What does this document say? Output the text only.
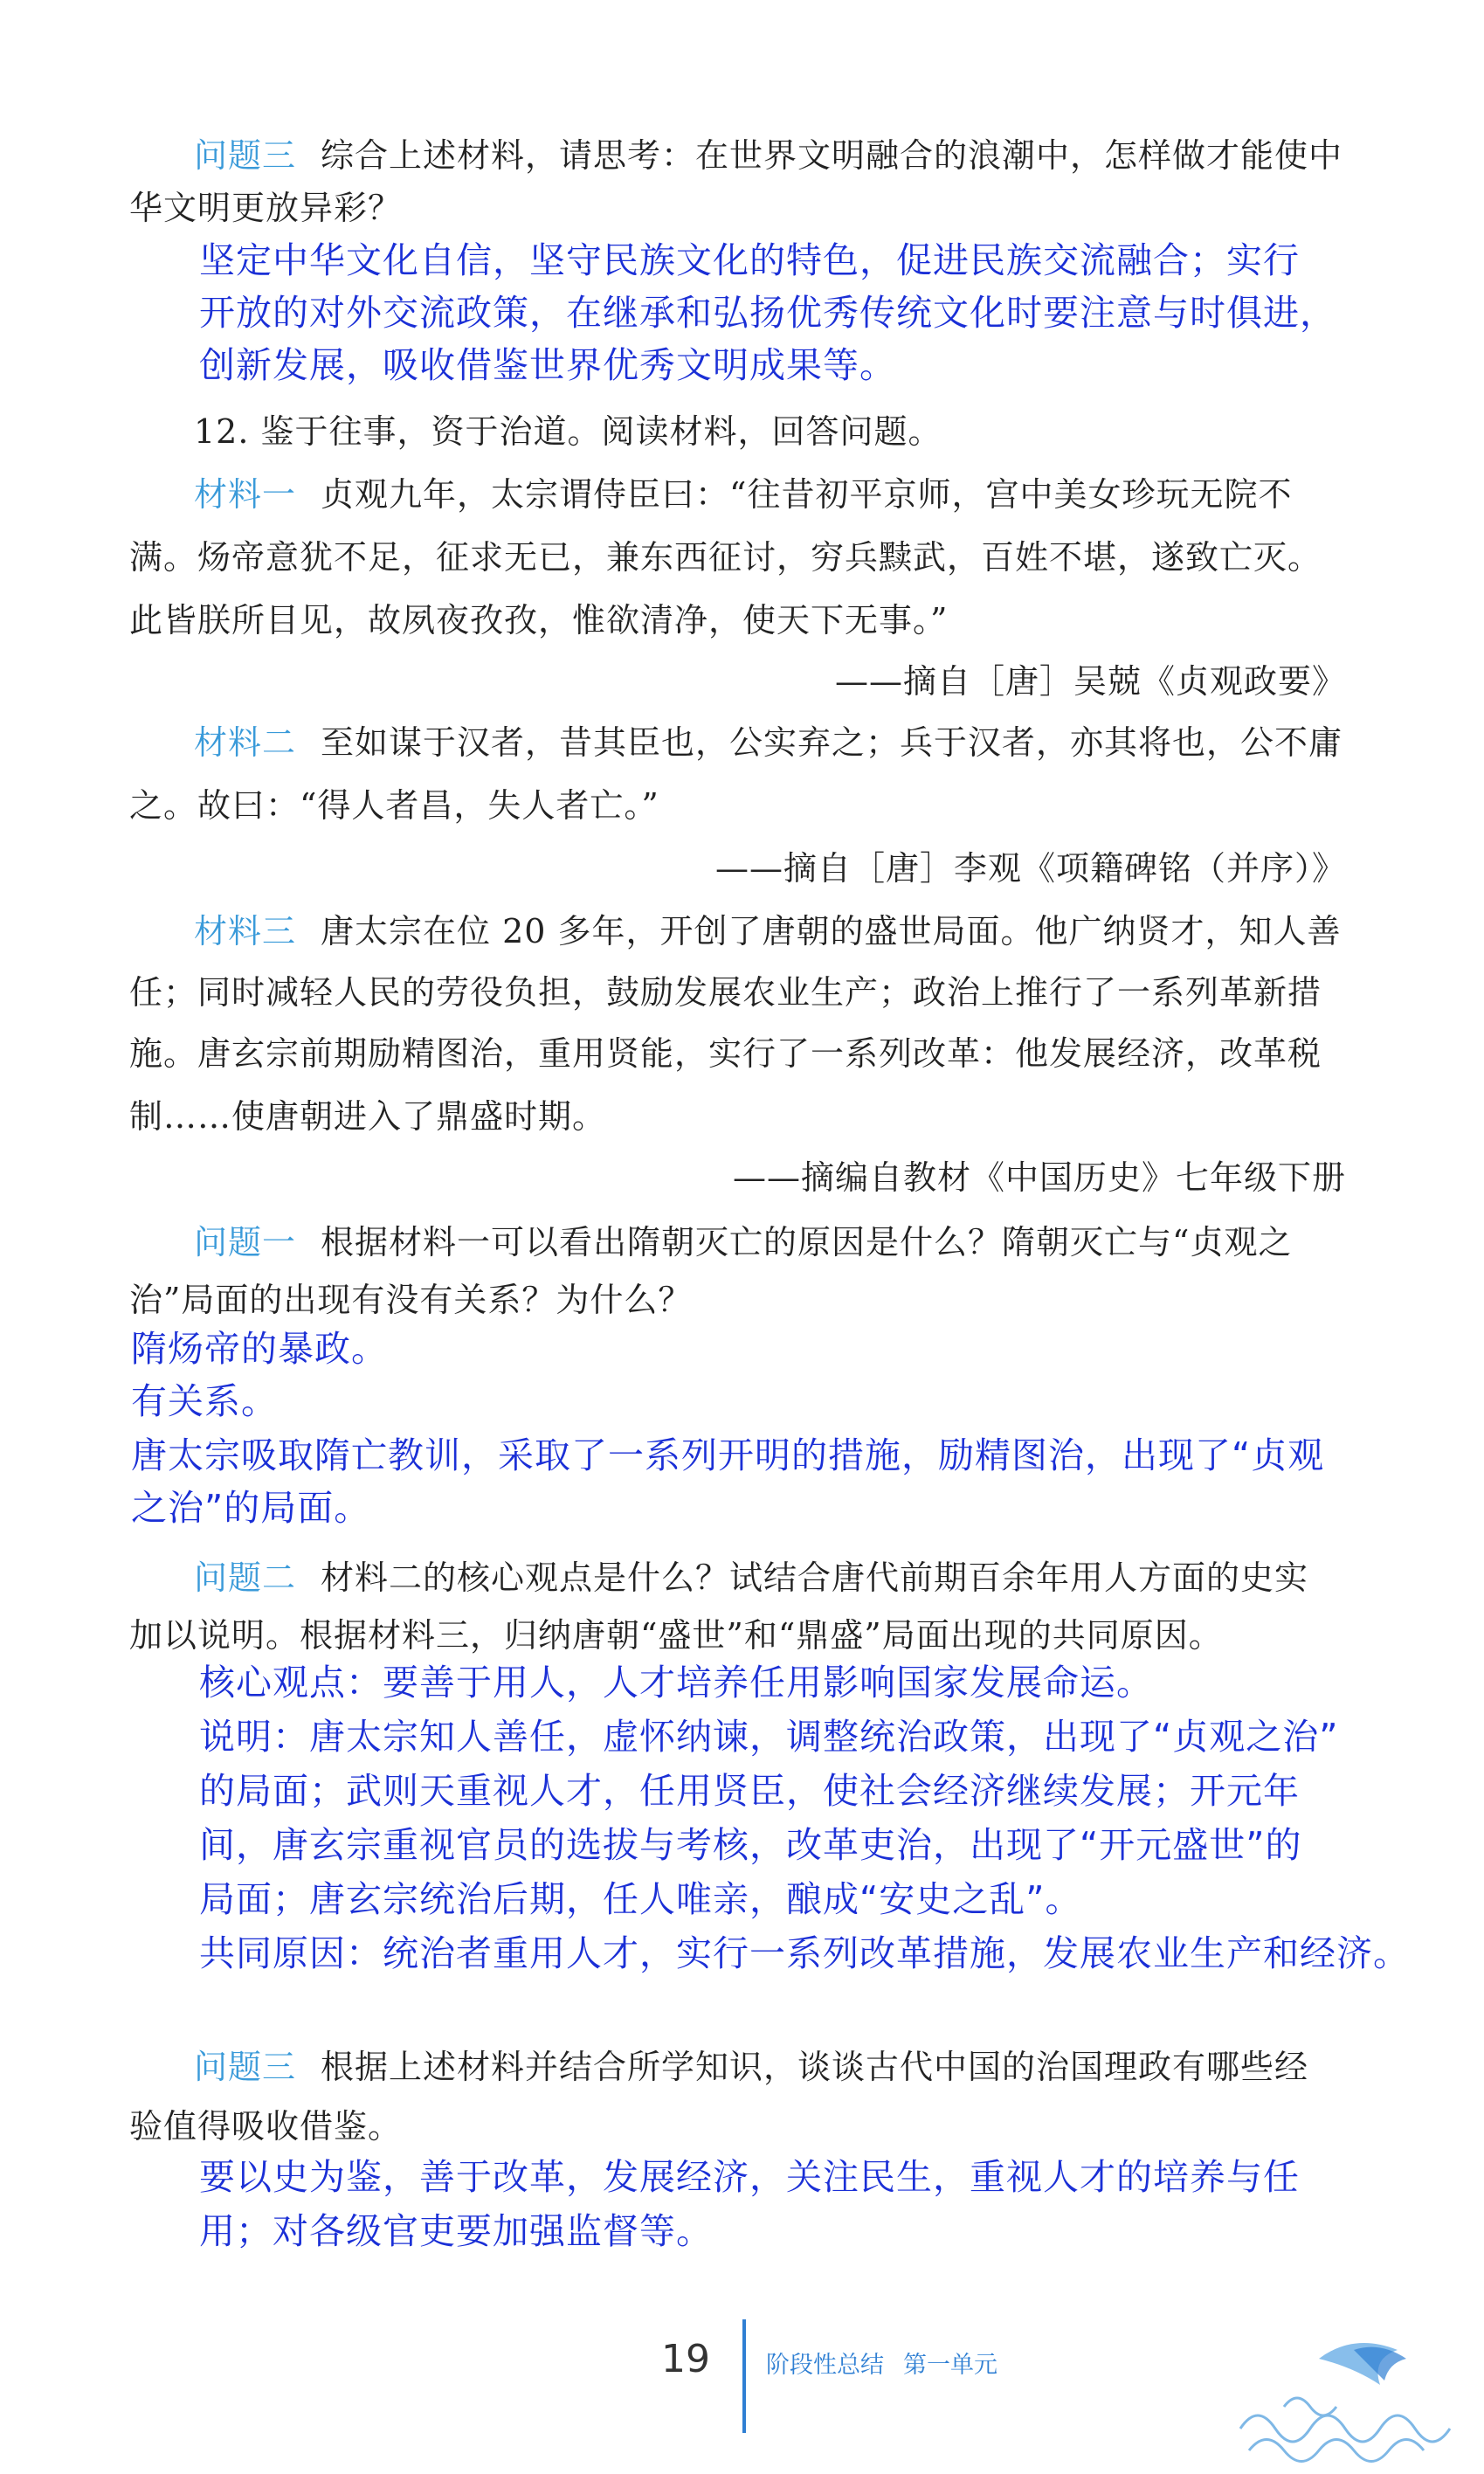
问题三 综合上述材料，请思考：在世界文明融合的浪潮中，怎样做才能使中
华文明更放异彩？
坚定中华文化自信，坚守民族文化的特色，促进民族交流融合；实行
开放的对外交流政策，在继承和弘扬优秀传统文化时要注意与时俱进，
创新发展，吸收借鉴世界优秀文明成果等。
12. 鉴于往事，资于治道。阅读材料，回答问题。
材料一 贞观九年，太宗谓侍臣曰：“往昔初平京师，宫中美女珍玩无院不
满。炀帝意犹不足，征求无已，兼东西征讨，穷兵黩武，百姓不堪，遂致亡灭。
此皆朕所目见，故夙夜孜孜，惟欲清净，使天下无事。”
——摘自［唐］吴兢《贞观政要》
材料二 至如谋于汉者，昔其臣也，公实弃之；兵于汉者，亦其将也，公不庸
之。故曰：“得人者昌，失人者亡。”
——摘自［唐］李观《项籍碑铭（并序）》
材料三 唐太宗在位 20 多年，开创了唐朝的盛世局面。他广纳贤才，知人善
任；同时减轻人民的劳役负担，鼓励发展农业生产；政治上推行了一系列革新措
施。唐玄宗前期励精图治，重用贤能，实行了一系列改革：他发展经济，改革税
制……使唐朝进入了鼎盛时期。
——摘编自教材《中国历史》七年级下册
问题一 根据材料一可以看出隋朝灭亡的原因是什么？隋朝灭亡与“贞观之
治”局面的出现有没有关系？为什么？
隋炀帝的暴政。
有关系。
唐太宗吸取隋亡教训，采取了一系列开明的措施，励精图治，出现了“贞观
之治”的局面。
问题二 材料二的核心观点是什么？试结合唐代前期百余年用人方面的史实
加以说明。根据材料三，归纳唐朝“盛世”和“鼎盛”局面出现的共同原因。
核心观点：要善于用人，人才培养任用影响国家发展命运。
说明：唐太宗知人善任，虚怀纳谏，调整统治政策，出现了“贞观之治”
的局面；武则天重视人才，任用贤臣，使社会经济继续发展；开元年
间，唐玄宗重视官员的选拔与考核，改革吏治，出现了“开元盛世”的
局面；唐玄宗统治后期，任人唯亲，酿成“安史之乱”。
共同原因：统治者重用人才，实行一系列改革措施，发展农业生产和经济。
问题三 根据上述材料并结合所学知识，谈谈古代中国的治国理政有哪些经
验值得吸收借鉴。
要以史为鉴，善于改革，发展经济，关注民生，重视人才的培养与任
用；对各级官吏要加强监督等。
19 阶段性总结 第一单元
